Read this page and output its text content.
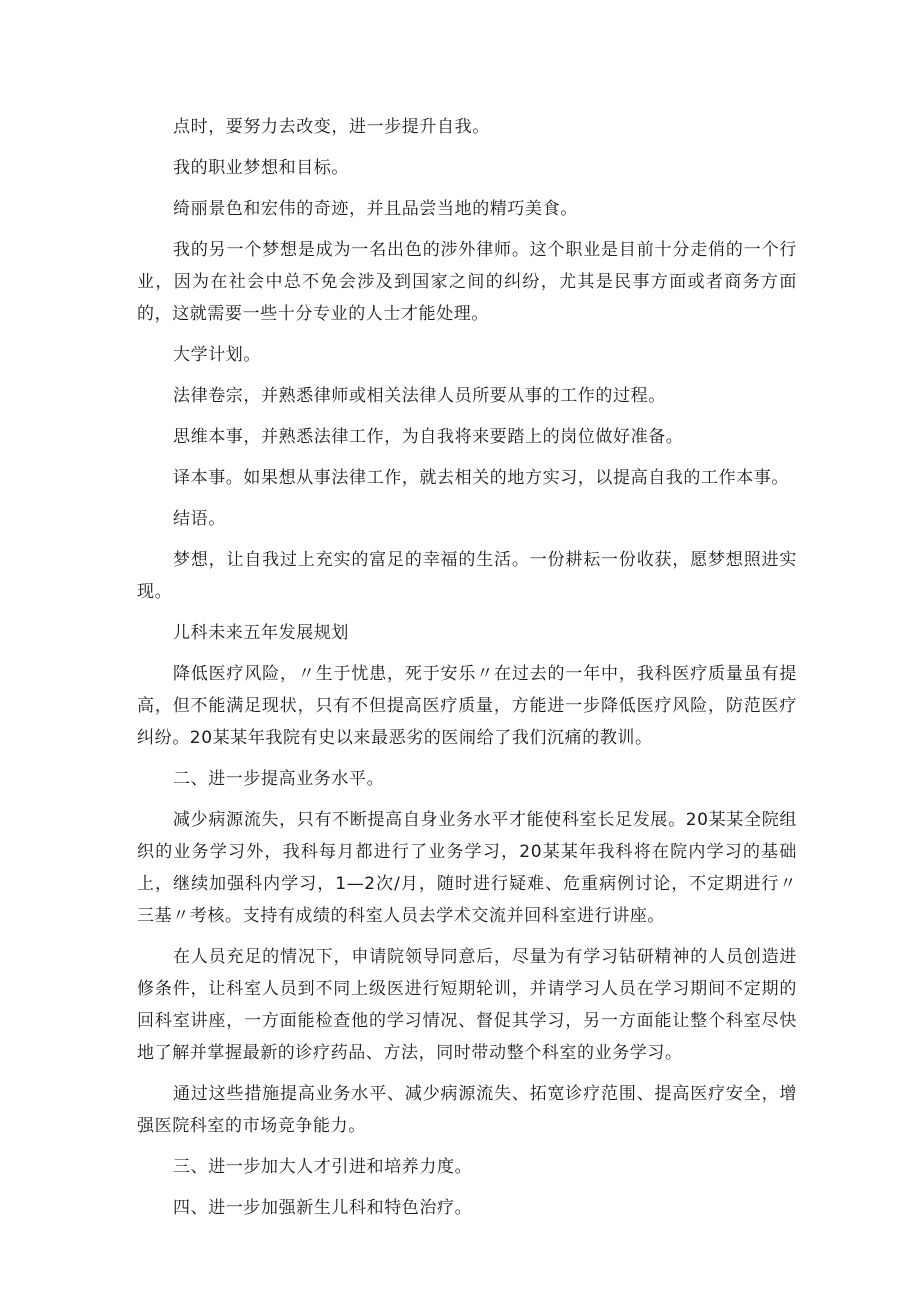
点时，要努力去改变，进一步提升自我。

我的职业梦想和目标。

绮丽景色和宏伟的奇迹，并且品尝当地的精巧美食。

我的另一个梦想是成为一名出色的涉外律师。这个职业是目前十分走俏的一个行业，因为在社会中总不免会涉及到国家之间的纠纷，尤其是民事方面或者商务方面的，这就需要一些十分专业的人士才能处理。

大学计划。

法律卷宗，并熟悉律师或相关法律人员所要从事的工作的过程。

思维本事，并熟悉法律工作，为自我将来要踏上的岗位做好准备。

译本事。如果想从事法律工作，就去相关的地方实习，以提高自我的工作本事。

结语。

梦想，让自我过上充实的富足的幸福的生活。一份耕耘一份收获，愿梦想照进实现。

儿科未来五年发展规划

降低医疗风险，〃生于忧患，死于安乐〃在过去的一年中，我科医疗质量虽有提高，但不能满足现状，只有不但提高医疗质量，方能进一步降低医疗风险，防范医疗纠纷。20某某年我院有史以来最恶劣的医闹给了我们沉痛的教训。

二、进一步提高业务水平。

减少病源流失，只有不断提高自身业务水平才能使科室长足发展。20某某全院组织的业务学习外，我科每月都进行了业务学习，20某某年我科将在院内学习的基础上，继续加强科内学习，1—2次/月，随时进行疑难、危重病例讨论，不定期进行〃三基〃考核。支持有成绩的科室人员去学术交流并回科室进行讲座。

在人员充足的情况下，申请院领导同意后，尽量为有学习钻研精神的人员创造进修条件，让科室人员到不同上级医进行短期轮训，并请学习人员在学习期间不定期的回科室讲座，一方面能检查他的学习情况、督促其学习，另一方面能让整个科室尽快地了解并掌握最新的诊疗药品、方法，同时带动整个科室的业务学习。

通过这些措施提高业务水平、减少病源流失、拓宽诊疗范围、提高医疗安全，增强医院科室的市场竞争能力。

三、进一步加大人才引进和培养力度。

四、进一步加强新生儿科和特色治疗。
